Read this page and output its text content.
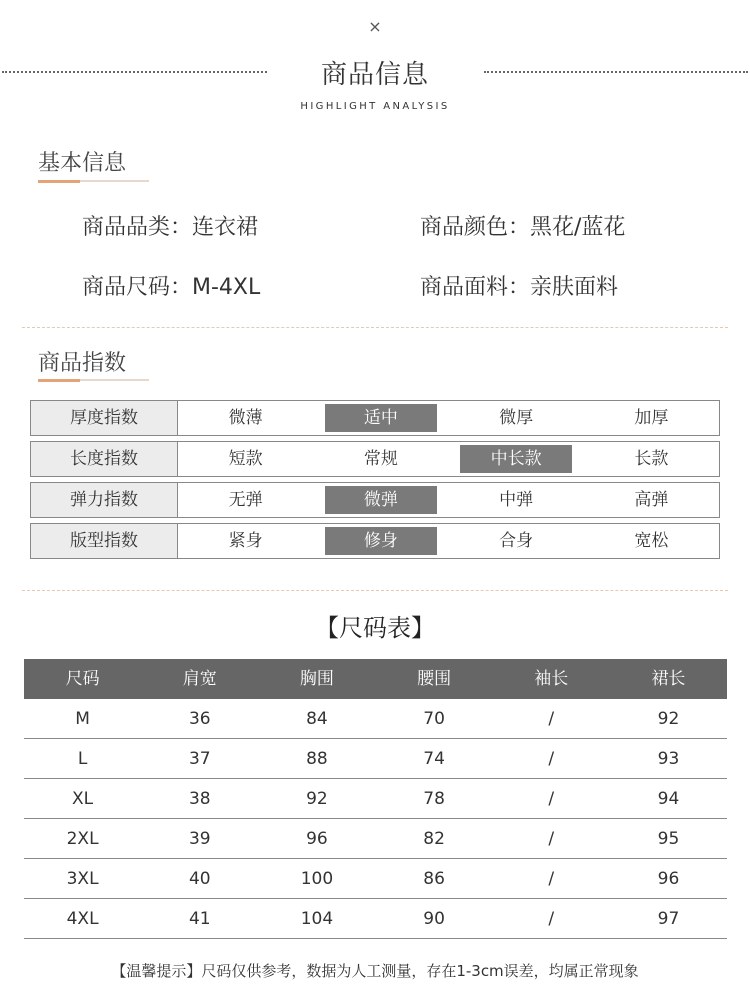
×
商品信息
HIGHLIGHT ANALYSIS
基本信息
商品品类：连衣裙	商品颜色：黑花/蓝花
商品尺码：M-4XL	商品面料：亲肤面料
商品指数
厚度指数	微薄	适中	微厚	加厚
长度指数	短款	常规	中长款	长款
弹力指数	无弹	微弹	中弹	高弹
版型指数	紧身	修身	合身	宽松
【尺码表】
尺码	肩宽	胸围	腰围	袖长	裙长
M	36	84	70	/	92
L	37	88	74	/	93
XL	38	92	78	/	94
2XL	39	96	82	/	95
3XL	40	100	86	/	96
4XL	41	104	90	/	97
【温馨提示】尺码仅供参考，数据为人工测量，存在1-3cm误差，均属正常现象
